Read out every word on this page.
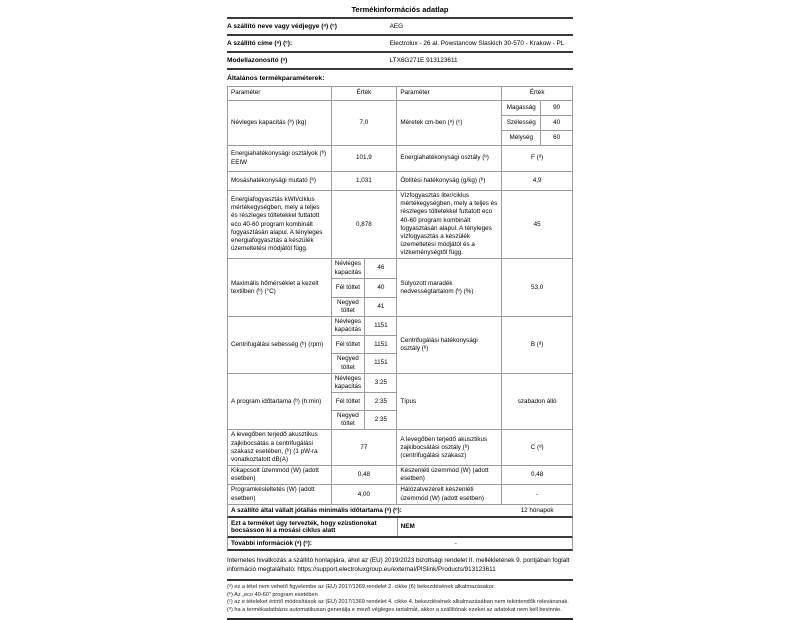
Termékinformációs adatlap
A szállító neve vagy védjegye (ᵃ) (ᶜ)	AEG
A szállító címe (ᵃ) (ᶜ):	Electrolux - 26 al. Powstancow Slaskich 30-570 - Krakow - PL
Modellazonosító (ᵃ)	LTX6G271E 913123611
Általános termékparaméterek:
Paraméter	Érték		Paraméter	Érték	
Névleges kapacitás (ᵇ) (kg)	7,0		Méretek cm-ben (ᵃ) (ᶜ)	Magasság	90
				Szélesség	40
				Mélység	60
Energiahatékonysági osztályok (ᵇ) EEIW	101,9		Energiahatékonysági osztály (ᵇ)	F (ᵈ)	
Mosáshatékonysági mutató (ᵇ)	1,031		Öblítési hatékonyság (g/kg) (ᵇ)	4,9	
Energiafogyasztás kWh/ciklus mértékegységben, mely a teljes és részleges töltetekkel futtatott eco 40-60 program kombinált fogyasztásán alapul. A tényleges energiafogyasztás a készülék üzemeltetési módjától függ.	0,878	Vízfogyasztás liter/ciklus mértékegységben, mely a teljes és részleges töltetekkel futtatott eco 40-60 program kombinált fogyasztásán alapul. A tényleges vízfogyasztás a készülék üzemeltetési módjától és a vízkeménységtől függ.	45
Maximális hőmérséklet a kezelt textilben (ᵇ) (°C)	Névleges kapacitás	46	Súlyozott maradék nedvességtartalom (ᵇ) (%)	53,0	
	Fél töltet	40			
	Negyed töltet	41			
Centrifugálási sebesség (ᵇ) (rpm)	Névleges kapacitás	1151	Centrifugálási hatékonysági osztály (ᵇ)	B (ᵈ)	
	Fél töltet	1151			
	Negyed töltet	1151			
A program időtartama (ᵇ) (h:min)	Névleges kapacitás	3:25	Típus	szabadon álló	
	Fél töltet	2:35			
	Negyed töltet	2:35			
A levegőben terjedő akusztikus zajkibocsátás a centrifugálási szakasz esetében, (ᵇ) (1 pW-ra vonatkoztatott dB(A)	77		A levegőben terjedő akusztikus zajkibocsátási osztály (ᵇ) (centrifugálási szakasz)	C (ᵈ)	
Kikapcsolt üzemmód (W) (adott esetben)	0,48		Készenléti üzemmód (W) (adott esetben)	0,48	
Programkésleltetés (W) (adott esetben)	4,00		Hálózatvezérelt készenléti üzemmód (W) (adott esetben)	-	
A szállító által vállalt jótállás minimális időtartama (ᵃ) (ᶜ):	12 hónapok
Ezt a terméket úgy tervezték, hogy ezüstionokat bocsásson ki a mosási ciklus alatt	NEM
További információk (ᵃ) (ᶜ):	-
Internetes hivatkozás a szállító honlapjára, ahol az (EU) 2019/2023 bizottsági rendelet II. mellékletének 9. pontjában foglalt információ megtalálható: https://support.electroluxgroup.eu/external/PISlink/Products/913123611
(ᵃ) ez a tétel nem vehető figyelembe az (EU) 2017/1369 rendelet 2. cikke (6) bekezdésének alkalmazásakor.
(ᵇ) Az „eco 40-60” program esetében
(ᶜ) az e tételeket érintő módosítások az (EU) 2017/1369 rendelet 4. cikke 4. bekezdésének alkalmazásában nem tekintendők relevánsnak.
(ᵈ) ha a termékadatbázis automatikusan generálja e mező végleges tartalmát, akkor a szállítónak ezeket az adatokat nem kell bevinnie.
